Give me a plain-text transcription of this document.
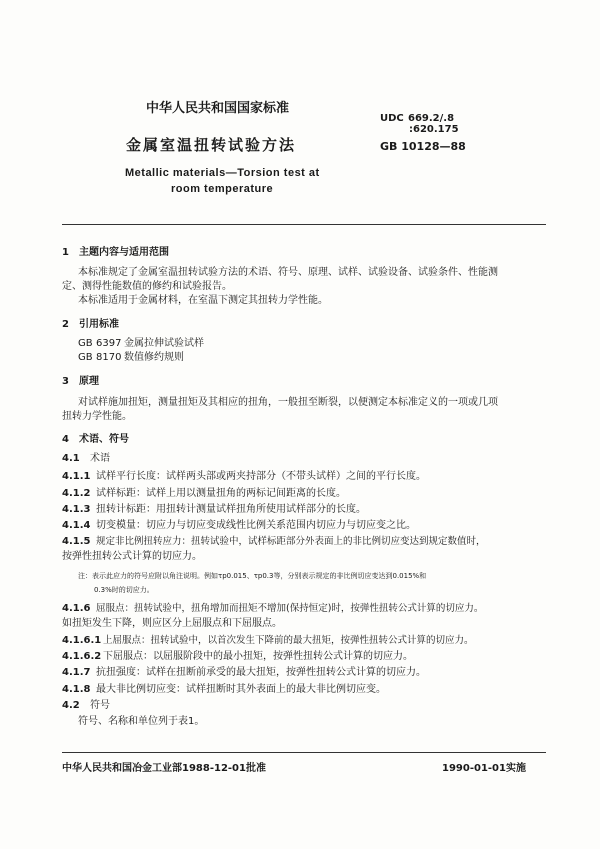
中华人民共和国国家标准
UDC 669.2/.8
:620.175
金属室温扭转试验方法	GB 10128—88
Metallic materials—Torsion test at
room temperature
1 主题内容与适用范围
本标准规定了金属室温扭转试验方法的术语、符号、原理、试样、试验设备、试验条件、性能测
定、测得性能数值的修约和试验报告。
本标准适用于金属材料，在室温下测定其扭转力学性能。
2 引用标准
GB 6397 金属拉伸试验试样
GB 8170 数值修约规则
3 原理
对试样施加扭矩，测量扭矩及其相应的扭角，一般扭至断裂，以便测定本标准定义的一项或几项
扭转力学性能。
4 术语、符号
4.1 术语
4.1.1 试样平行长度：试样两头部或两夹持部分（不带头试样）之间的平行长度。
4.1.2 试样标距：试样上用以测量扭角的两标记间距离的长度。
4.1.3 扭转计标距：用扭转计测量试样扭角所使用试样部分的长度。
4.1.4 切变模量：切应力与切应变成线性比例关系范围内切应力与切应变之比。
4.1.5 规定非比例扭转应力：扭转试验中，试样标距部分外表面上的非比例切应变达到规定数值时，
按弹性扭转公式计算的切应力。
注：表示此应力的符号应附以角注说明。例如τp0.015、τp0.3等，分别表示规定的非比例切应变达到0.015%和
0.3%时的切应力。
4.1.6 屈服点：扭转试验中，扭角增加而扭矩不增加(保持恒定)时，按弹性扭转公式计算的切应力。
如扭矩发生下降，则应区分上屈服点和下屈服点。
4.1.6.1 上屈服点：扭转试验中，以首次发生下降前的最大扭矩，按弹性扭转公式计算的切应力。
4.1.6.2 下屈服点：以屈服阶段中的最小扭矩，按弹性扭转公式计算的切应力。
4.1.7 抗扭强度：试样在扭断前承受的最大扭矩，按弹性扭转公式计算的切应力。
4.1.8 最大非比例切应变：试样扭断时其外表面上的最大非比例切应变。
4.2 符号
符号、名称和单位列于表1。
中华人民共和国冶金工业部1988-12-01批准	1990-01-01实施
